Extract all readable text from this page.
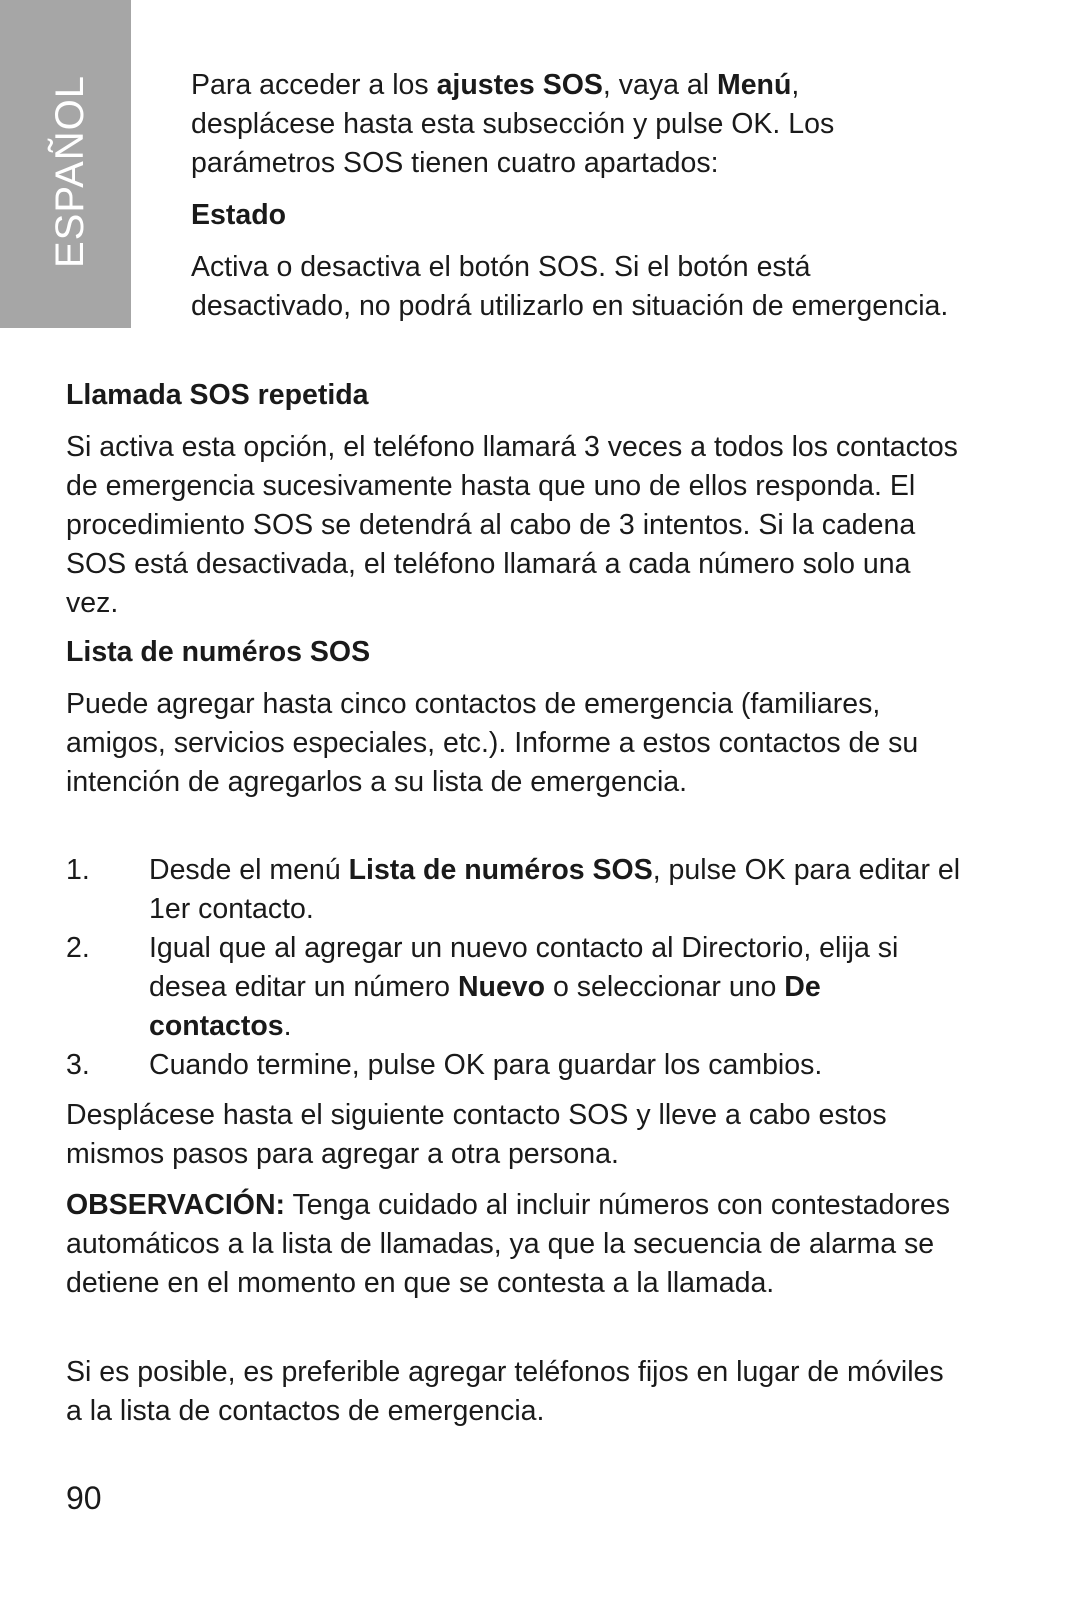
ESPAÑOL	Para acceder a los ajustes SOS, vaya al Menú, desplácese hasta esta subsección y pulse OK. Los parámetros SOS tienen cuatro apartados:

Estado

Activa o desactiva el botón SOS. Si el botón está desactivado, no podrá utilizarlo en situación de emergencia.

Llamada SOS repetida

Si activa esta opción, el teléfono llamará 3 veces a todos los contactos de emergencia sucesivamente hasta que uno de ellos responda. El procedimiento SOS se detendrá al cabo de 3 intentos. Si la cadena SOS está desactivada, el teléfono llamará a cada número solo una vez.

Lista de numéros SOS

Puede agregar hasta cinco contactos de emergencia (familiares, amigos, servicios especiales, etc.). Informe a estos contactos de su intención de agregarlos a su lista de emergencia.

1. Desde el menú Lista de numéros SOS, pulse OK para editar el 1er contacto.
2. Igual que al agregar un nuevo contacto al Directorio, elija si desea editar un número Nuevo o seleccionar uno De contactos.
3. Cuando termine, pulse OK para guardar los cambios.

Desplácese hasta el siguiente contacto SOS y lleve a cabo estos mismos pasos para agregar a otra persona.

OBSERVACIÓN: Tenga cuidado al incluir números con contestadores automáticos a la lista de llamadas, ya que la secuencia de alarma se detiene en el momento en que se contesta a la llamada.

Si es posible, es preferible agregar teléfonos fijos en lugar de móviles a la lista de contactos de emergencia.

90
